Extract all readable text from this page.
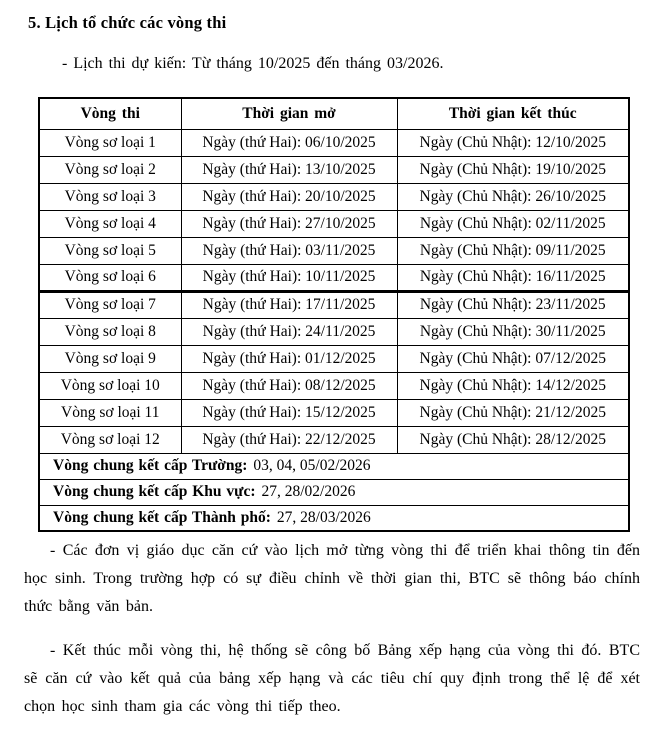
5. Lịch tổ chức các vòng thi
- Lịch thi dự kiến: Từ tháng 10/2025 đến tháng 03/2026.
Vòng thi	Thời gian mở	Thời gian kết thúc
Vòng sơ loại 1	Ngày (thứ Hai): 06/10/2025	Ngày (Chủ Nhật): 12/10/2025
Vòng sơ loại 2	Ngày (thứ Hai): 13/10/2025	Ngày (Chủ Nhật): 19/10/2025
Vòng sơ loại 3	Ngày (thứ Hai): 20/10/2025	Ngày (Chủ Nhật): 26/10/2025
Vòng sơ loại 4	Ngày (thứ Hai): 27/10/2025	Ngày (Chủ Nhật): 02/11/2025
Vòng sơ loại 5	Ngày (thứ Hai): 03/11/2025	Ngày (Chủ Nhật): 09/11/2025
Vòng sơ loại 6	Ngày (thứ Hai): 10/11/2025	Ngày (Chủ Nhật): 16/11/2025
Vòng sơ loại 7	Ngày (thứ Hai): 17/11/2025	Ngày (Chủ Nhật): 23/11/2025
Vòng sơ loại 8	Ngày (thứ Hai): 24/11/2025	Ngày (Chủ Nhật): 30/11/2025
Vòng sơ loại 9	Ngày (thứ Hai): 01/12/2025	Ngày (Chủ Nhật): 07/12/2025
Vòng sơ loại 10	Ngày (thứ Hai): 08/12/2025	Ngày (Chủ Nhật): 14/12/2025
Vòng sơ loại 11	Ngày (thứ Hai): 15/12/2025	Ngày (Chủ Nhật): 21/12/2025
Vòng sơ loại 12	Ngày (thứ Hai): 22/12/2025	Ngày (Chủ Nhật): 28/12/2025
Vòng chung kết cấp Trường: 03, 04, 05/02/2026		
Vòng chung kết cấp Khu vực: 27, 28/02/2026		
Vòng chung kết cấp Thành phố: 27, 28/03/2026		
- Các đơn vị giáo dục căn cứ vào lịch mở từng vòng thi để triển khai thông tin đến học sinh. Trong trường hợp có sự điều chỉnh về thời gian thi, BTC sẽ thông báo chính thức bằng văn bản.
- Kết thúc mỗi vòng thi, hệ thống sẽ công bố Bảng xếp hạng của vòng thi đó. BTC sẽ căn cứ vào kết quả của bảng xếp hạng và các tiêu chí quy định trong thể lệ để xét chọn học sinh tham gia các vòng thi tiếp theo.
